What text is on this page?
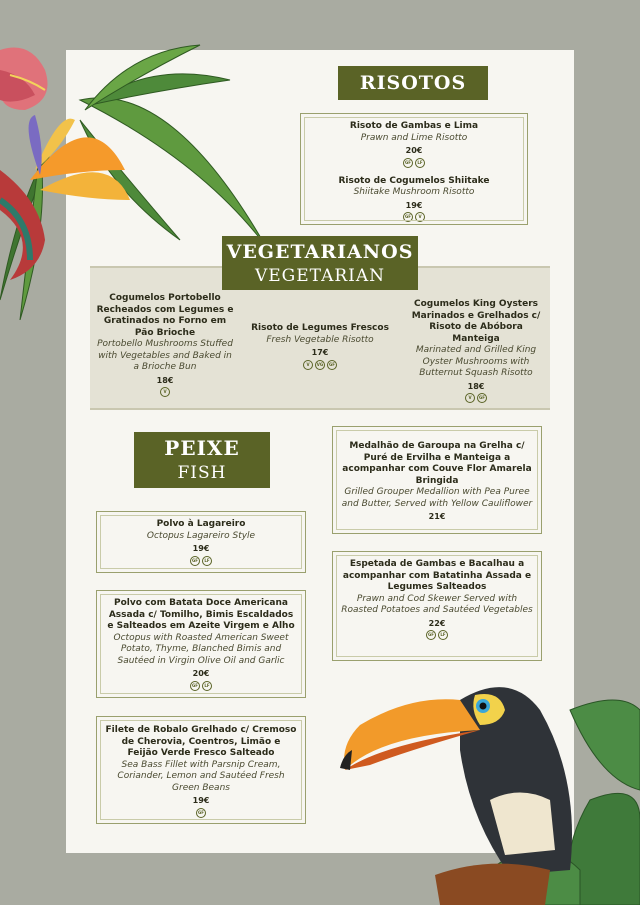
RISOTOS
Risoto de Gambas e Lima
Prawn and Lime Risotto
20€
GF LF
Risoto de Cogumelos Shiitake
Shiitake Mushroom Risotto
19€
GF V
VEGETARIANOS
VEGETARIAN
Cogumelos Portobello Recheados com Legumes e Gratinados no Forno em Pão Brioche
Portobello Mushrooms Stuffed with Vegetables and Baked in a Brioche Bun
18€
V
Risoto de Legumes Frescos
Fresh Vegetable Risotto
17€
V VG GF
Cogumelos King Oysters Marinados e Grelhados c/ Risoto de Abóbora Manteiga
Marinated and Grilled King Oyster Mushrooms with Butternut Squash Risotto
18€
V GF
PEIXE
FISH
Polvo à Lagareiro
Octopus Lagareiro Style
19€
GF LF
Polvo com Batata Doce Americana Assada c/ Tomilho, Bimis Escaldados e Salteados em Azeite Virgem e Alho
Octopus with Roasted American Sweet Potato, Thyme, Blanched Bimis and Sautéed in Virgin Olive Oil and Garlic
20€
GF LF
Filete de Robalo Grelhado c/ Cremoso de Cherovia, Coentros, Limão e Feijão Verde Fresco Salteado
Sea Bass Fillet with Parsnip Cream, Coriander, Lemon and Sautéed Fresh Green Beans
19€
GF
Medalhão de Garoupa na Grelha c/ Puré de Ervilha e Manteiga a acompanhar com Couve Flor Amarela Bringida
Grilled Grouper Medallion with Pea Puree and Butter, Served with Yellow Cauliflower
21€
Espetada de Gambas e Bacalhau a acompanhar com Batatinha Assada e Legumes Salteados
Prawn and Cod Skewer Served with Roasted Potatoes and Sautéed Vegetables
22€
GF LF
